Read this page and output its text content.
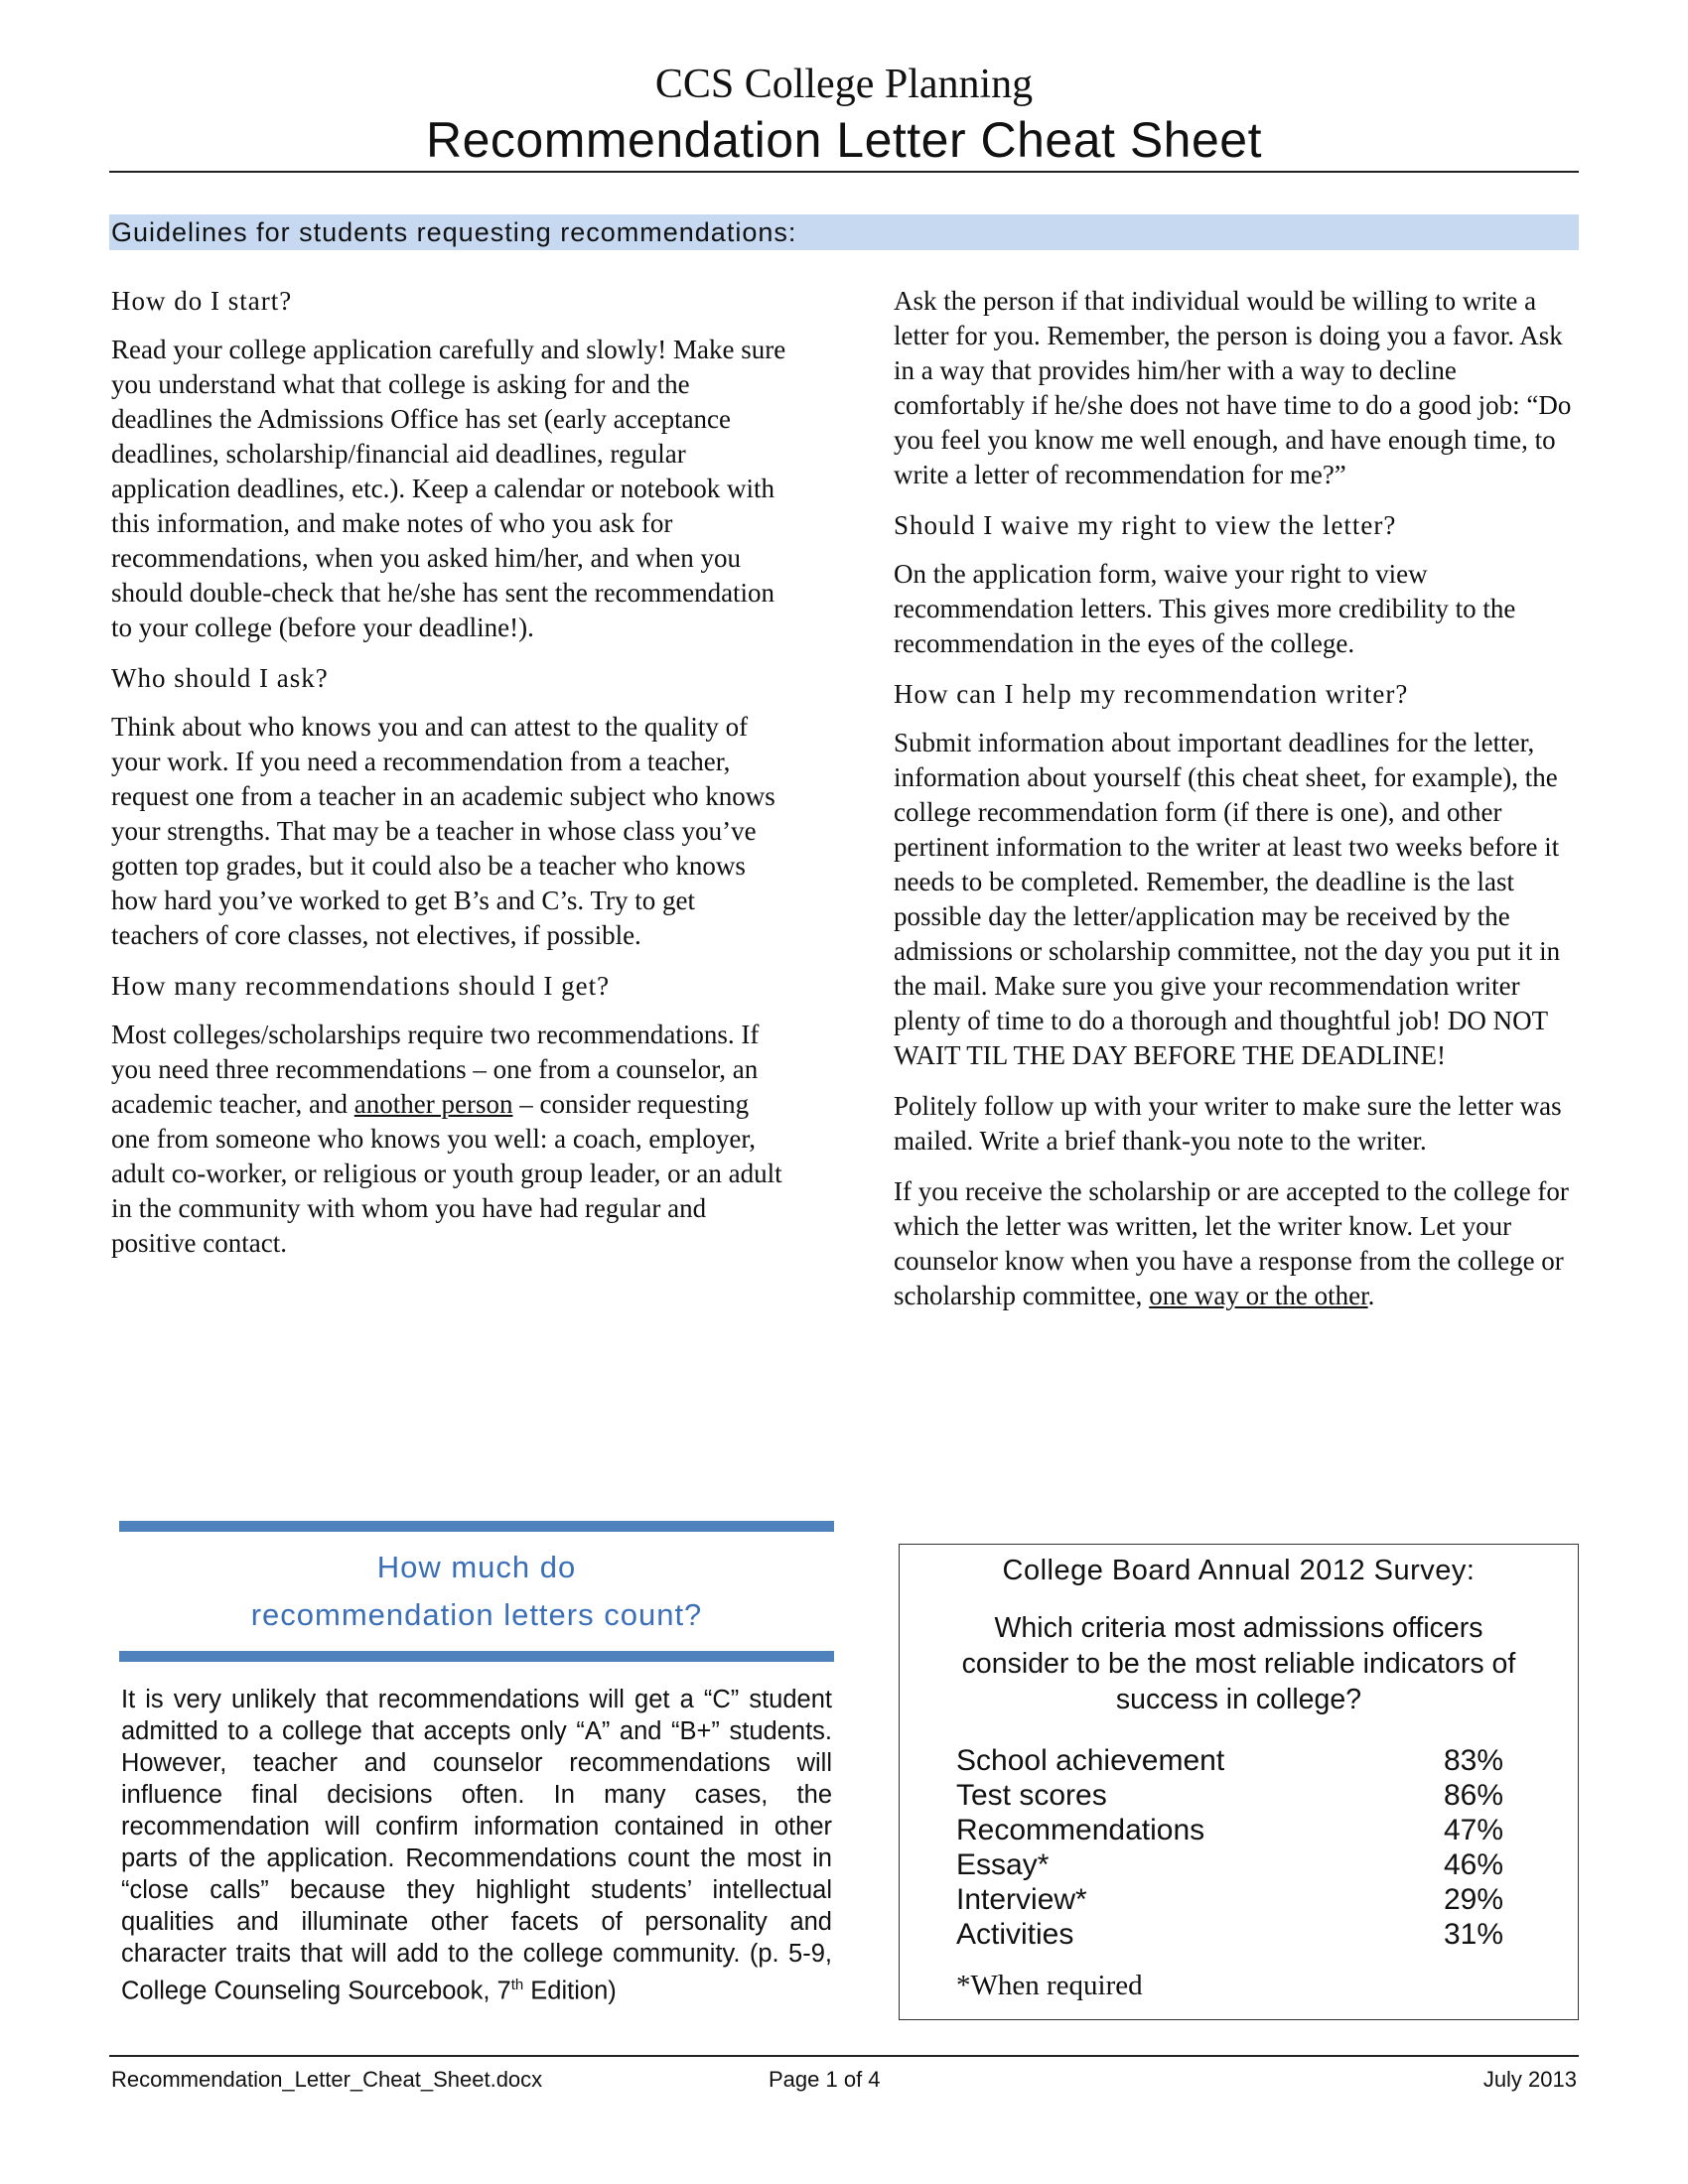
CCS College Planning
Recommendation Letter Cheat Sheet
Guidelines for students requesting recommendations:
How do I start?

Read your college application carefully and slowly! Make sure you understand what that college is asking for and the deadlines the Admissions Office has set (early acceptance deadlines, scholarship/financial aid deadlines, regular application deadlines, etc.). Keep a calendar or notebook with this information, and make notes of who you ask for recommendations, when you asked him/her, and when you should double-check that he/she has sent the recommendation to your college (before your deadline!).

Who should I ask?

Think about who knows you and can attest to the quality of your work. If you need a recommendation from a teacher, request one from a teacher in an academic subject who knows your strengths. That may be a teacher in whose class you’ve gotten top grades, but it could also be a teacher who knows how hard you’ve worked to get B’s and C’s. Try to get teachers of core classes, not electives, if possible.

How many recommendations should I get?

Most colleges/scholarships require two recommendations. If you need three recommendations – one from a counselor, an academic teacher, and another person – consider requesting one from someone who knows you well: a coach, employer, adult co-worker, or religious or youth group leader, or an adult in the community with whom you have had regular and positive contact.

Ask the person if that individual would be willing to write a letter for you. Remember, the person is doing you a favor. Ask in a way that provides him/her with a way to decline comfortably if he/she does not have time to do a good job: “Do you feel you know me well enough, and have enough time, to write a letter of recommendation for me?”

Should I waive my right to view the letter?

On the application form, waive your right to view recommendation letters. This gives more credibility to the recommendation in the eyes of the college.

How can I help my recommendation writer?

Submit information about important deadlines for the letter, information about yourself (this cheat sheet, for example), the college recommendation form (if there is one), and other pertinent information to the writer at least two weeks before it needs to be completed. Remember, the deadline is the last possible day the letter/application may be received by the admissions or scholarship committee, not the day you put it in the mail. Make sure you give your recommendation writer plenty of time to do a thorough and thoughtful job! DO NOT WAIT TIL THE DAY BEFORE THE DEADLINE!

Politely follow up with your writer to make sure the letter was mailed. Write a brief thank-you note to the writer.

If you receive the scholarship or are accepted to the college for which the letter was written, let the writer know. Let your counselor know when you have a response from the college or scholarship committee, one way or the other.

How much do
recommendation letters count?
It is very unlikely that recommendations will get a “C” student admitted to a college that accepts only “A” and “B+” students. However, teacher and counselor recommendations will influence final decisions often. In many cases, the recommendation will confirm information contained in other parts of the application. Recommendations count the most in “close calls” because they highlight students’ intellectual qualities and illuminate other facets of personality and character traits that will add to the college community. (p. 5-9, College Counseling Sourcebook, 7th Edition)
College Board Annual 2012 Survey:
Which criteria most admissions officers consider to be the most reliable indicators of success in college?
School achievement	83%
Test scores	86%
Recommendations	47%
Essay*	46%
Interview*	29%
Activities	31%
*When required
Recommendation_Letter_Cheat_Sheet.docx	Page 1 of 4	July 2013
